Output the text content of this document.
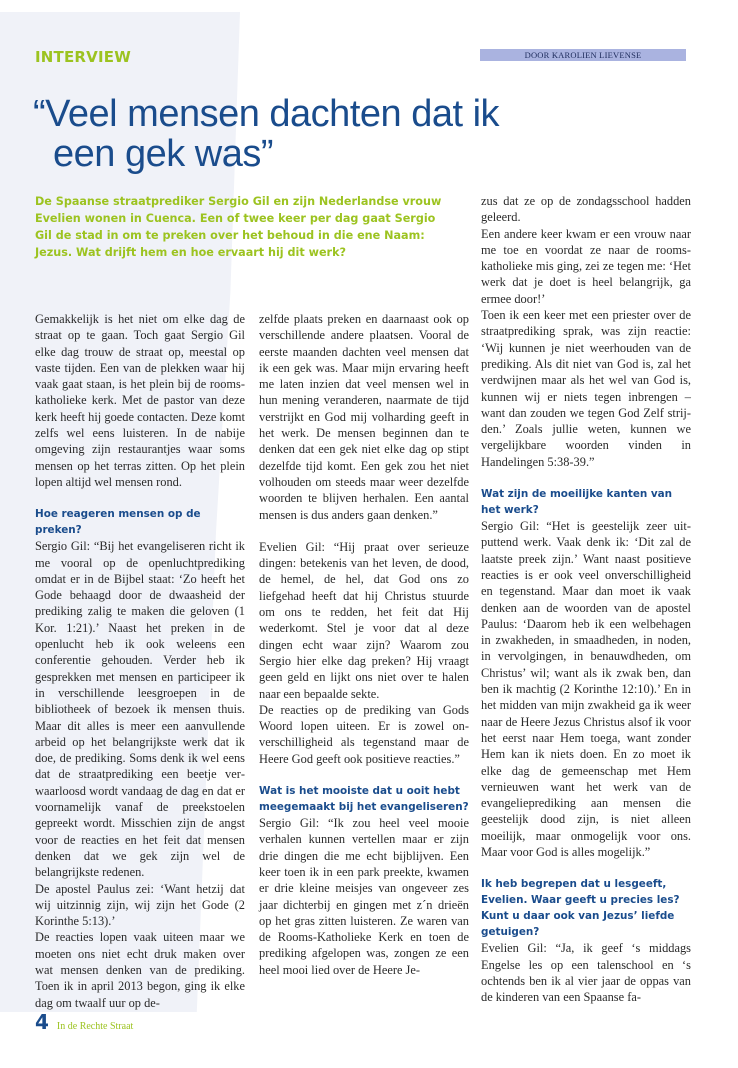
INTERVIEW	DOOR KAROLIEN LIEVENSE
“Veel mensen dachten dat ik
een gek was”

De Spaanse straatprediker Sergio Gil en zijn Nederlandse vrouw Evelien wonen in Cuenca. Een of twee keer per dag gaat Sergio Gil de stad in om te preken over het behoud in die ene Naam: Jezus. Wat drijft hem en hoe ervaart hij dit werk?

Gemakkelijk is het niet om elke dag de straat op te gaan. Toch gaat Sergio Gil elke dag trouw de straat op, meestal op vaste tijden. Een van de plekken waar hij vaak gaat staan, is het plein bij de rooms-katholieke kerk. Met de pastor van deze kerk heeft hij goede contacten. Deze komt zelfs wel eens luisteren. In de nabije omgeving zijn restaurantjes waar soms mensen op het terras zitten. Op het plein lopen altijd wel mensen rond.

Hoe reageren mensen op de preken?

Sergio Gil: “Bij het evangeliseren richt ik me vooral op de openluchtprediking omdat er in de Bijbel staat: ‘Zo heeft het Gode behaagd door de dwaasheid der prediking zalig te maken die geloven (1 Kor. 1:21).’ Naast het preken in de openlucht heb ik ook weleens een conferentie gehouden. Verder heb ik gesprekken met mensen en participeer ik in verschillende leesgroepen in de bibliotheek of bezoek ik mensen thuis. Maar dit alles is meer een aanvullende arbeid op het belangrijkste werk dat ik doe, de prediking. Soms denk ik wel eens dat de straatprediking een beetje verwaarloosd wordt vandaag de dag en dat er voornamelijk vanaf de preekstoelen gepreekt wordt. Misschien zijn de angst voor de reacties en het feit dat mensen denken dat we gek zijn wel de belangrijkste redenen.

De apostel Paulus zei: ‘Want hetzij dat wij uitzinnig zijn, wij zijn het Gode (2 Korinthe 5:13).’

De reacties lopen vaak uiteen maar we moeten ons niet echt druk maken over wat mensen denken van de prediking. Toen ik in april 2013 begon, ging ik elke dag om twaalf uur op de-

zelfde plaats preken en daarnaast ook op verschillende andere plaatsen. Vooral de eerste maanden dachten veel mensen dat ik een gek was. Maar mijn ervaring heeft me laten inzien dat veel mensen wel in hun mening veranderen, naarmate de tijd verstrijkt en God mij volharding geeft in het werk. De mensen beginnen dan te denken dat een gek niet elke dag op stipt dezelfde tijd komt. Een gek zou het niet volhouden om steeds maar weer dezelfde woorden te blijven herhalen. Een aantal mensen is dus anders gaan denken.”

Evelien Gil: “Hij praat over serieuze dingen: betekenis van het leven, de dood, de hemel, de hel, dat God ons zo liefgehad heeft dat hij Christus stuurde om ons te redden, het feit dat Hij wederkomt. Stel je voor dat al deze dingen echt waar zijn? Waarom zou Sergio hier elke dag preken? Hij vraagt geen geld en lijkt ons niet over te halen naar een bepaalde sekte.

De reacties op de prediking van Gods Woord lopen uiteen. Er is zowel onverschilligheid als tegenstand maar de Heere God geeft ook positieve reacties.”

Wat is het mooiste dat u ooit hebt meegemaakt bij het evangeliseren?

Sergio Gil: “Ik zou heel veel mooie verhalen kunnen vertellen maar er zijn drie dingen die me echt bijblijven. Een keer toen ik in een park preekte, kwamen er drie kleine meisjes van ongeveer zes jaar dichterbij en gingen met z´n drieën op het gras zitten luisteren. Ze waren van de Rooms-Katholieke Kerk en toen de prediking afgelopen was, zongen ze een heel mooi lied over de Heere Je-

zus dat ze op de zondagsschool hadden geleerd.

Een andere keer kwam er een vrouw naar me toe en voordat ze naar de rooms-katholieke mis ging, zei ze tegen me: ‘Het werk dat je doet is heel belangrijk, ga ermee door!’

Toen ik een keer met een priester over de straatprediking sprak, was zijn reactie: ‘Wij kunnen je niet weerhouden van de prediking. Als dit niet van God is, zal het verdwijnen maar als het wel van God is, kunnen wij er niets tegen inbrengen – want dan zouden we tegen God Zelf strijden.’ Zoals jullie weten, kunnen we vergelijkbare woorden vinden in Handelingen 5:38-39.”

Wat zijn de moeilijke kanten van het werk?

Sergio Gil: “Het is geestelijk zeer uitputtend werk. Vaak denk ik: ‘Dit zal de laatste preek zijn.’ Want naast positieve reacties is er ook veel onverschilligheid en tegenstand. Maar dan moet ik vaak denken aan de woorden van de apostel Paulus: ‘Daarom heb ik een welbehagen in zwakheden, in smaadheden, in noden, in vervolgingen, in benauwdheden, om Christus’ wil; want als ik zwak ben, dan ben ik machtig (2 Korinthe 12:10).’ En in het midden van mijn zwakheid ga ik weer naar de Heere Jezus Christus alsof ik voor het eerst naar Hem toega, want zonder Hem kan ik niets doen. En zo moet ik elke dag de gemeenschap met Hem vernieuwen want het werk van de evangelieprediking aan mensen die geestelijk dood zijn, is niet alleen moeilijk, maar onmogelijk voor ons. Maar voor God is alles mogelijk.”

Ik heb begrepen dat u lesgeeft, Evelien. Waar geeft u precies les? Kunt u daar ook van Jezus’ liefde getuigen?

Evelien Gil: “Ja, ik geef ‘s middags Engelse les op een talenschool en ‘s ochtends ben ik al vier jaar de oppas van de kinderen van een Spaanse fa-

4 In de Rechte Straat
